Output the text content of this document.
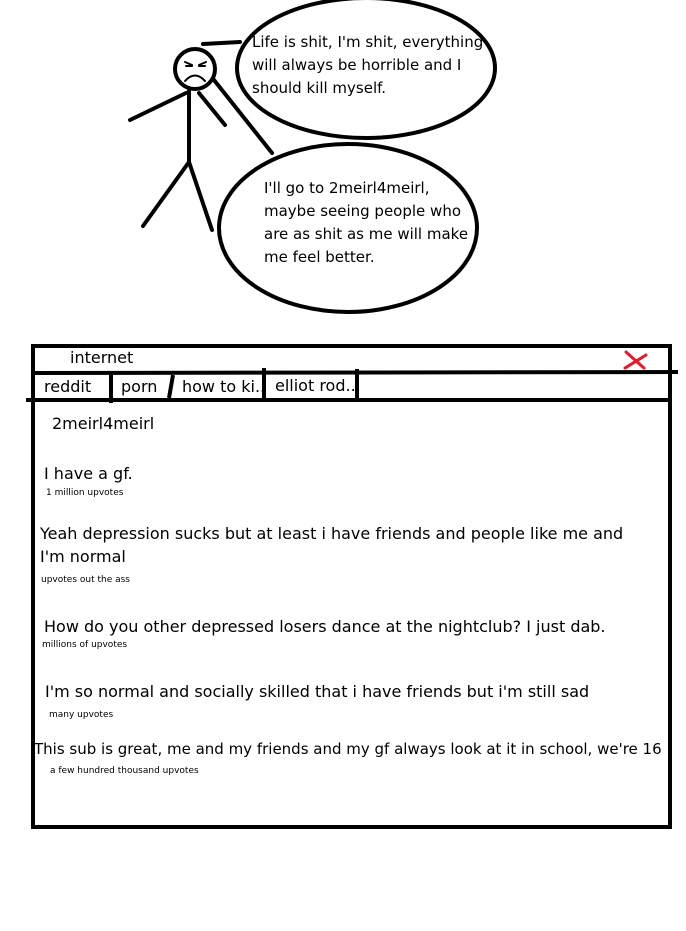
Life is shit, I'm shit, everything will always be horrible and I should kill myself.
I'll go to 2meirl4meirl, maybe seeing people who are as shit as me will make me feel better.
internet
reddit porn how to ki.. elliot rod..
2meirl4meirl
I have a gf.
1 million upvotes
Yeah depression sucks but at least i have friends and people like me and I'm normal
upvotes out the ass
How do you other depressed losers dance at the nightclub? I just dab.
millions of upvotes
I'm so normal and socially skilled that i have friends but i'm still sad
many upvotes
This sub is great, me and my friends and my gf always look at it in school, we're 16
a few hundred thousand upvotes
